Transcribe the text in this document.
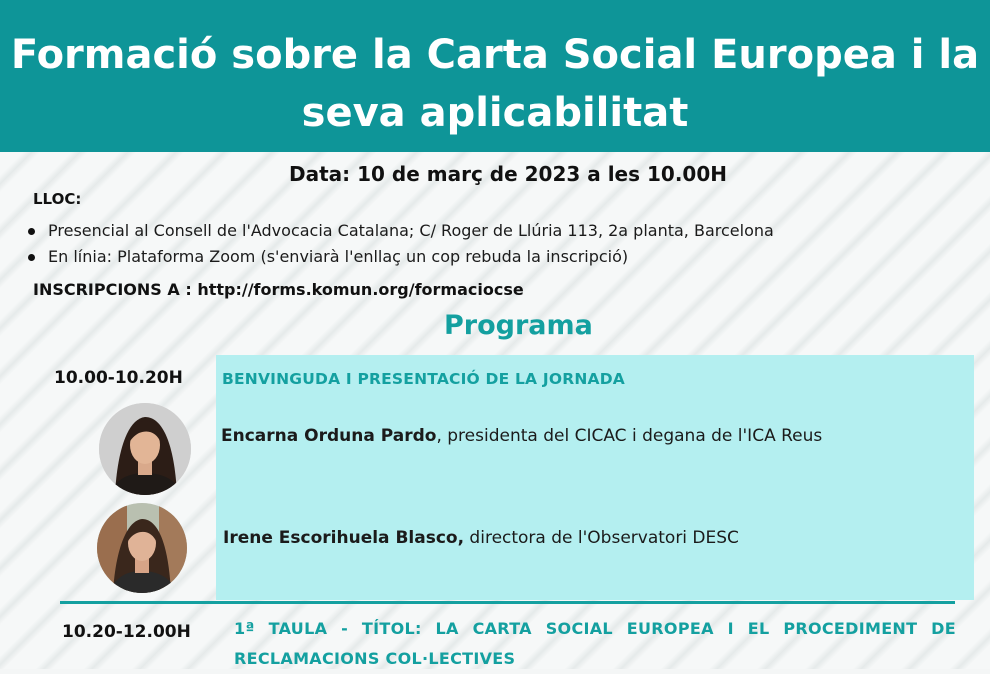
Formació sobre la Carta Social Europea i la
seva aplicabilitat
Data: 10 de març de 2023 a les 10.00H
LLOC:
Presencial al Consell de l'Advocacia Catalana; C/ Roger de Llúria 113, 2a planta, Barcelona
En línia: Plataforma Zoom (s'enviarà l'enllaç un cop rebuda la inscripció)
INSCRIPCIONS A : http://forms.komun.org/formaciocse
Programa
10.00-10.20H	BENVINGUDA I PRESENTACIÓ DE LA JORNADA
Encarna Orduna Pardo, presidenta del CICAC i degana de l'ICA Reus
Irene Escorihuela Blasco, directora de l'Observatori DESC
10.20-12.00H	1ª TAULA - TÍTOL: LA CARTA SOCIAL EUROPEA I EL PROCEDIMENT DE RECLAMACIONS COL·LECTIVES
